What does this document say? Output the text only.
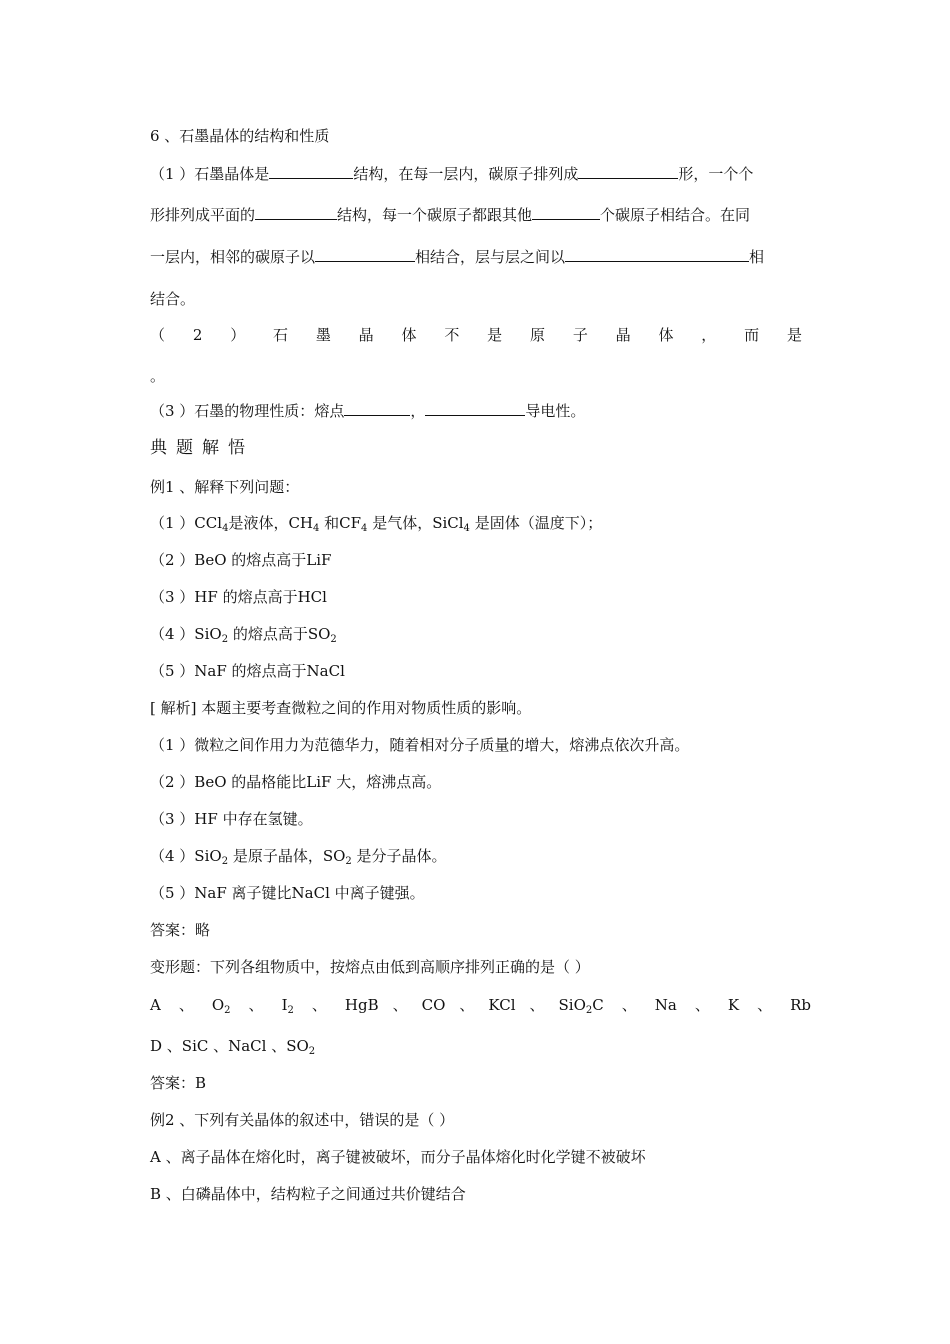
6 、石墨晶体的结构和性质
（1 ）石墨晶体是	结构，在每一层内，碳原子排列成	形，一个个
形排列成平面的	结构，每一个碳原子都跟其他	个碳原子相结合。在同
一层内，相邻的碳原子以	相结合，层与层之间以	相
结合。
（ 2 ） 石 墨 晶 体 不 是 原 子 晶 体 ， 而 是
。
（3 ）石墨的物理性质：熔点	，	导电性。
典题解悟
例1 、解释下列问题：
（1 ）CCl$_4$是液体，$CH_4$ 和$CF_4$ 是气体，SiCl$_4$ 是固体（温度下）；
（2 ）BeO 的熔点高于LiF
（3 ）HF 的熔点高于HCl
（4 ）SiO$_2$ 的熔点高于$SO_2$
（5 ）NaF 的熔点高于NaCl
[ 解析] 本题主要考查微粒之间的作用对物质性质的影响。
（1 ）微粒之间作用力为范德华力，随着相对分子质量的增大，熔沸点依次升高。
（2 ）BeO 的晶格能比LiF 大，熔沸点高。
（3 ）HF 中存在氢键。
（4 ）SiO$_2$ 是原子晶体，$SO_2$ 是分子晶体。
（5 ）NaF 离子键比NaCl 中离子键强。
答案：略
变形题：下列各组物质中，按熔点由低到高顺序排列正确的是（ ）
A 、 $O_2$ 、 $I_2$ 、 Hg B 、 CO 、 KCl 、 SiO$_2$ C 、 Na 、 K 、 Rb
D 、SiC 、NaCl 、$SO_2$
答案：B
例2 、下列有关晶体的叙述中，错误的是（ ）
A 、离子晶体在熔化时，离子键被破坏，而分子晶体熔化时化学键不被破坏
B 、白磷晶体中，结构粒子之间通过共价键结合
